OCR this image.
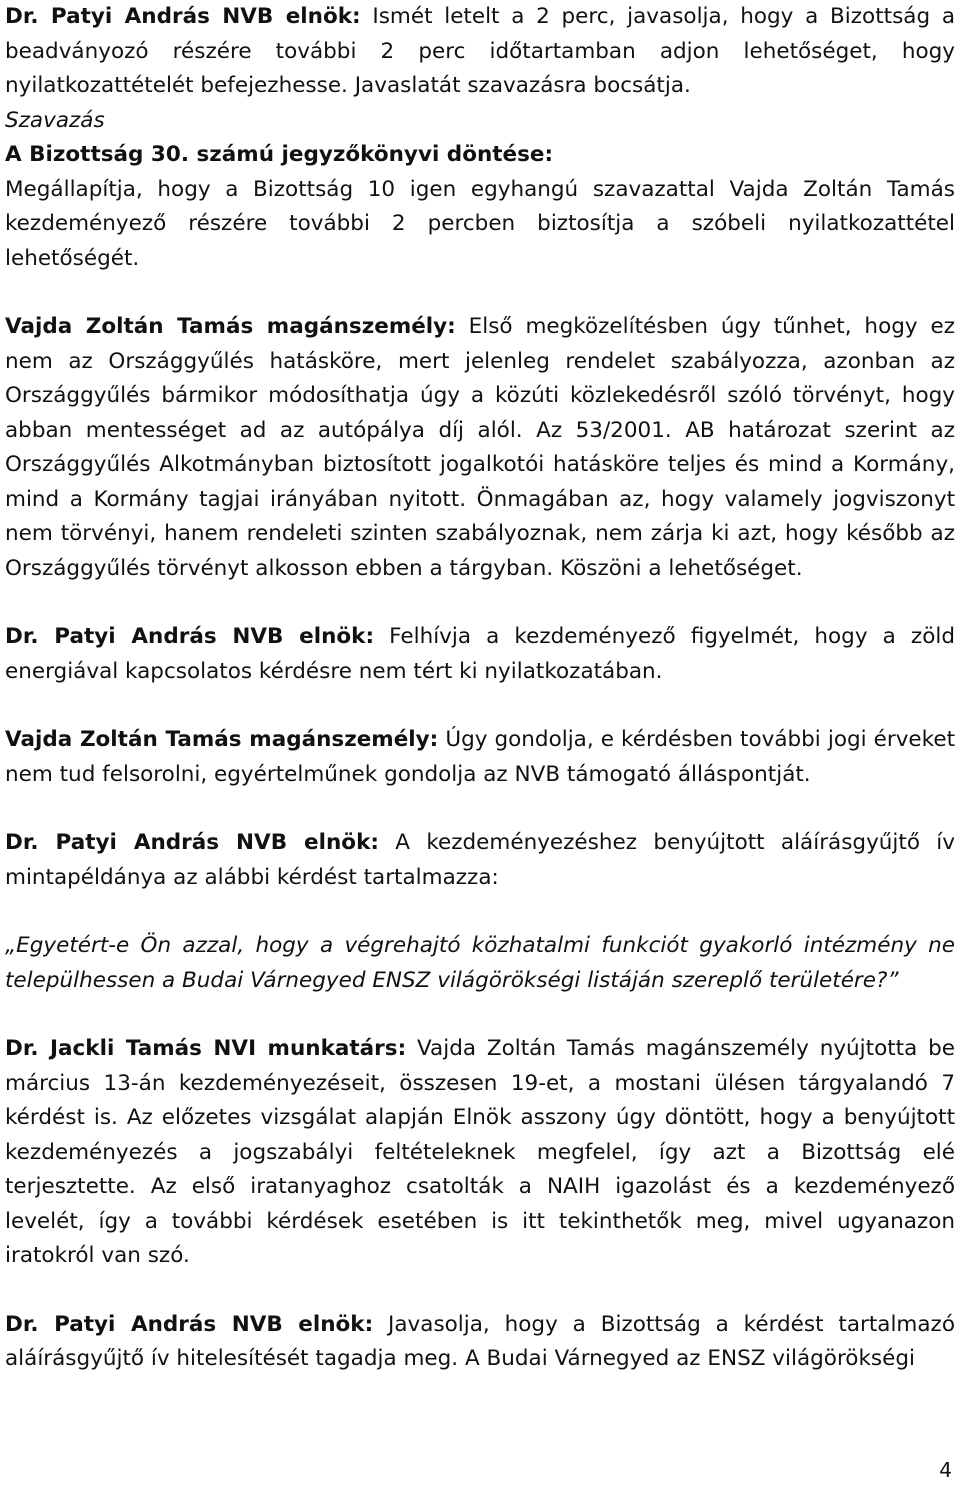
Dr. Patyi András NVB elnök: Ismét letelt a 2 perc, javasolja, hogy a Bizottság a beadványozó részére további 2 perc időtartamban adjon lehetőséget, hogy nyilatkozattételét befejezhesse. Javaslatát szavazásra bocsátja.
Szavazás
A Bizottság 30. számú jegyzőkönyvi döntése:
Megállapítja, hogy a Bizottság 10 igen egyhangú szavazattal Vajda Zoltán Tamás kezdeményező részére további 2 percben biztosítja a szóbeli nyilatkozattétel lehetőségét.

Vajda Zoltán Tamás magánszemély: Első megközelítésben úgy tűnhet, hogy ez nem az Országgyűlés hatásköre, mert jelenleg rendelet szabályozza, azonban az Országgyűlés bármikor módosíthatja úgy a közúti közlekedésről szóló törvényt, hogy abban mentességet ad az autópálya díj alól. Az 53/2001. AB határozat szerint az Országgyűlés Alkotmányban biztosított jogalkotói hatásköre teljes és mind a Kormány, mind a Kormány tagjai irányában nyitott. Önmagában az, hogy valamely jogviszonyt nem törvényi, hanem rendeleti szinten szabályoznak, nem zárja ki azt, hogy később az Országgyűlés törvényt alkosson ebben a tárgyban. Köszöni a lehetőséget.

Dr. Patyi András NVB elnök: Felhívja a kezdeményező figyelmét, hogy a zöld energiával kapcsolatos kérdésre nem tért ki nyilatkozatában.

Vajda Zoltán Tamás magánszemély: Úgy gondolja, e kérdésben további jogi érveket nem tud felsorolni, egyértelműnek gondolja az NVB támogató álláspontját.

Dr. Patyi András NVB elnök: A kezdeményezéshez benyújtott aláírásgyűjtő ív mintapéldánya az alábbi kérdést tartalmazza:

„Egyetért-e Ön azzal, hogy a végrehajtó közhatalmi funkciót gyakorló intézmény ne települhessen a Budai Várnegyed ENSZ világörökségi listáján szereplő területére?”

Dr. Jackli Tamás NVI munkatárs: Vajda Zoltán Tamás magánszemély nyújtotta be március 13-án kezdeményezéseit, összesen 19-et, a mostani ülésen tárgyalandó 7 kérdést is. Az előzetes vizsgálat alapján Elnök asszony úgy döntött, hogy a benyújtott kezdeményezés a jogszabályi feltételeknek megfelel, így azt a Bizottság elé terjesztette. Az első iratanyaghoz csatolták a NAIH igazolást és a kezdeményező levelét, így a további kérdések esetében is itt tekinthetők meg, mivel ugyanazon iratokról van szó.

Dr. Patyi András NVB elnök: Javasolja, hogy a Bizottság a kérdést tartalmazó aláírásgyűjtő ív hitelesítését tagadja meg. A Budai Várnegyed az ENSZ világörökségi

4
